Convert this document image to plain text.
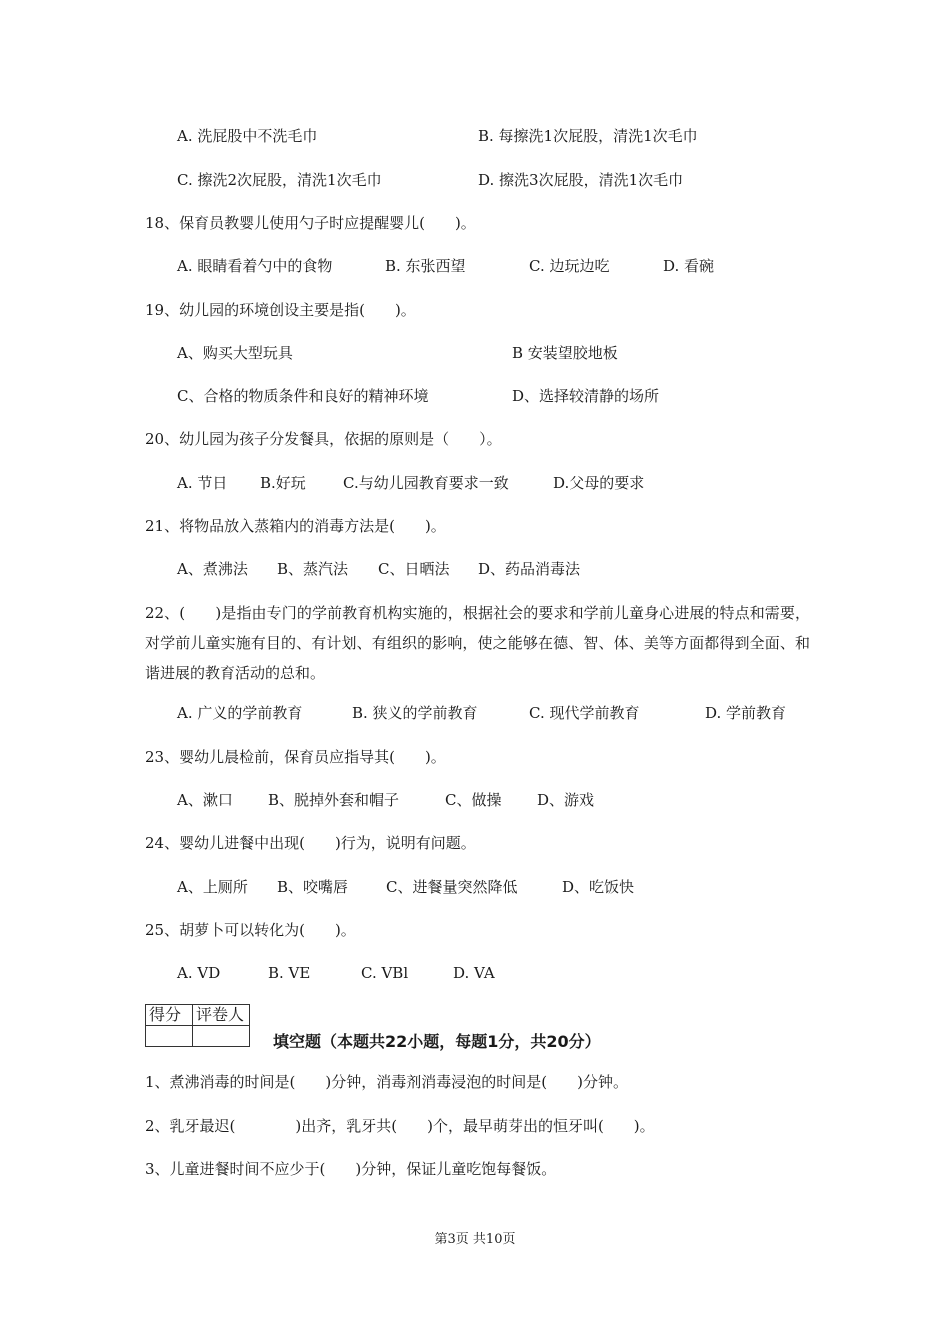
A. 洗屁股中不洗毛巾	B. 每擦洗1次屁股，清洗1次毛巾
C. 擦洗2次屁股，清洗1次毛巾	D. 擦洗3次屁股，清洗1次毛巾
18、保育员教婴儿使用勺子时应提醒婴儿(　　)。
A. 眼睛看着勺中的食物	B. 东张西望	C. 边玩边吃	D. 看碗
19、幼儿园的环境创设主要是指(　　)。
A、购买大型玩具	B 安装望胶地板
C、合格的物质条件和良好的精神环境	D、选择较清静的场所
20、幼儿园为孩子分发餐具，依据的原则是（　　）。
A. 节日 B.好玩 C.与幼儿园教育要求一致	D.父母的要求
21、将物品放入蒸箱内的消毒方法是(　　)。
A、煮沸法 B、蒸汽法 C、日晒法 D、药品消毒法
22、(　　)是指由专门的学前教育机构实施的，根据社会的要求和学前儿童身心进展的特点和需要，对学前儿童实施有目的、有计划、有组织的影响，使之能够在德、智、体、美等方面都得到全面、和谐进展的教育活动的总和。
A. 广义的学前教育	B. 狭义的学前教育	C. 现代学前教育	D. 学前教育
23、婴幼儿晨检前，保育员应指导其(　　)。
A、漱口 B、脱掉外套和帽子	C、做操 D、游戏
24、婴幼儿进餐中出现(　　)行为，说明有问题。
A、上厕所 B、咬嘴唇	C、进餐量突然降低	D、吃饭快
25、胡萝卜可以转化为(　　)。
A. VD	B. VE	C. VBl	D. VA
得分	评卷人

填空题（本题共22小题，每题1分，共20分）
1、煮沸消毒的时间是(　　)分钟，消毒剂消毒浸泡的时间是(　　)分钟。
2、乳牙最迟(　　　　)出齐，乳牙共(　　)个，最早萌芽出的恒牙叫(　　)。
3、儿童进餐时间不应少于(　　)分钟，保证儿童吃饱每餐饭。
第3页 共10页
